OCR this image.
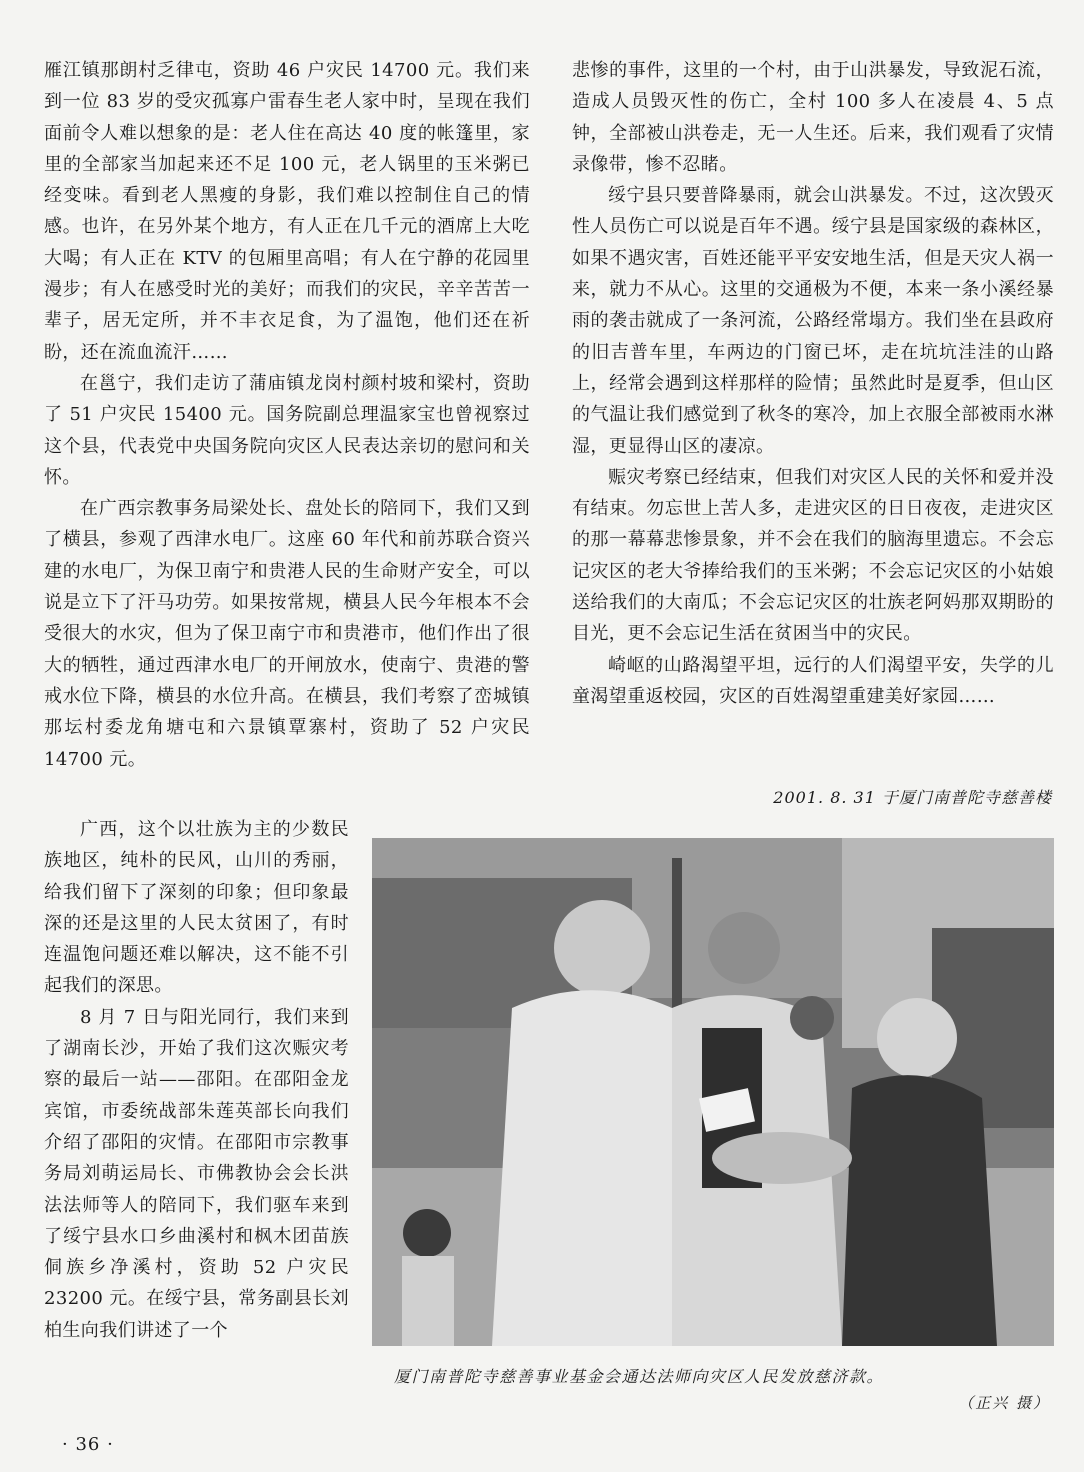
雁江镇那朗村乏律屯，资助 46 户灾民 14700 元。我们来到一位 83 岁的受灾孤寡户雷春生老人家中时，呈现在我们面前令人难以想象的是：老人住在高达 40 度的帐篷里，家里的全部家当加起来还不足 100 元，老人锅里的玉米粥已经变味。看到老人黑瘦的身影，我们难以控制住自己的情感。也许，在另外某个地方，有人正在几千元的酒席上大吃大喝；有人正在 KTV 的包厢里高唱；有人在宁静的花园里漫步；有人在感受时光的美好；而我们的灾民，辛辛苦苦一辈子，居无定所，并不丰衣足食，为了温饱，他们还在祈盼，还在流血流汗……

在邕宁，我们走访了蒲庙镇龙岗村颜村坡和梁村，资助了 51 户灾民 15400 元。国务院副总理温家宝也曾视察过这个县，代表党中央国务院向灾区人民表达亲切的慰问和关怀。

在广西宗教事务局梁处长、盘处长的陪同下，我们又到了横县，参观了西津水电厂。这座 60 年代和前苏联合资兴建的水电厂，为保卫南宁和贵港人民的生命财产安全，可以说是立下了汗马功劳。如果按常规，横县人民今年根本不会受很大的水灾，但为了保卫南宁市和贵港市，他们作出了很大的牺牲，通过西津水电厂的开闸放水，使南宁、贵港的警戒水位下降，横县的水位升高。在横县，我们考察了峦城镇那坛村委龙角塘屯和六景镇覃寨村，资助了 52 户灾民 14700 元。

广西，这个以壮族为主的少数民族地区，纯朴的民风，山川的秀丽，给我们留下了深刻的印象；但印象最深的还是这里的人民太贫困了，有时连温饱问题还难以解决，这不能不引起我们的深思。

8 月 7 日与阳光同行，我们来到了湖南长沙，开始了我们这次赈灾考察的最后一站——邵阳。在邵阳金龙宾馆，市委统战部朱莲英部长向我们介绍了邵阳的灾情。在邵阳市宗教事务局刘萌运局长、市佛教协会会长洪法法师等人的陪同下，我们驱车来到了绥宁县水口乡曲溪村和枫木团苗族侗族乡净溪村，资助 52 户灾民 23200 元。在绥宁县，常务副县长刘柏生向我们讲述了一个

悲惨的事件，这里的一个村，由于山洪暴发，导致泥石流，造成人员毁灭性的伤亡，全村 100 多人在凌晨 4、5 点钟，全部被山洪卷走，无一人生还。后来，我们观看了灾情录像带，惨不忍睹。

绥宁县只要普降暴雨，就会山洪暴发。不过，这次毁灭性人员伤亡可以说是百年不遇。绥宁县是国家级的森林区，如果不遇灾害，百姓还能平平安安地生活，但是天灾人祸一来，就力不从心。这里的交通极为不便，本来一条小溪经暴雨的袭击就成了一条河流，公路经常塌方。我们坐在县政府的旧吉普车里，车两边的门窗已坏，走在坑坑洼洼的山路上，经常会遇到这样那样的险情；虽然此时是夏季，但山区的气温让我们感觉到了秋冬的寒冷，加上衣服全部被雨水淋湿，更显得山区的凄凉。

赈灾考察已经结束，但我们对灾区人民的关怀和爱并没有结束。勿忘世上苦人多，走进灾区的日日夜夜，走进灾区的那一幕幕悲惨景象，并不会在我们的脑海里遗忘。不会忘记灾区的老大爷捧给我们的玉米粥；不会忘记灾区的小姑娘送给我们的大南瓜；不会忘记灾区的壮族老阿妈那双期盼的目光，更不会忘记生活在贫困当中的灾民。

崎岖的山路渴望平坦，远行的人们渴望平安，失学的儿童渴望重返校园，灾区的百姓渴望重建美好家园……

2001. 8. 31 于厦门南普陀寺慈善楼
厦门南普陀寺慈善事业基金会通达法师向灾区人民发放慈济款。
（正兴 摄）
· 36 ·
